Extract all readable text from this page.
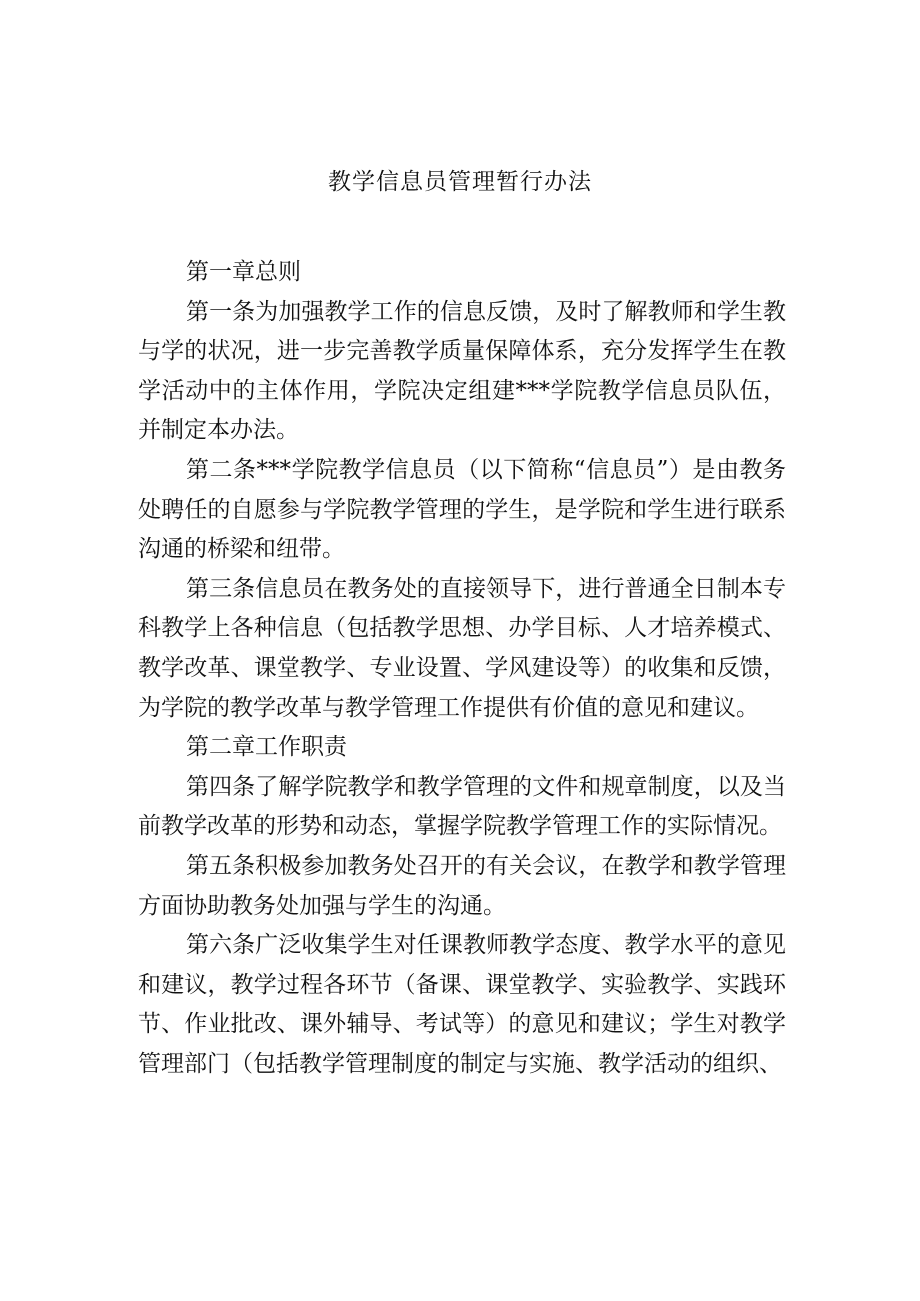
教学信息员管理暂行办法

第一章总则

第一条为加强教学工作的信息反馈，及时了解教师和学生教与学的状况，进一步完善教学质量保障体系，充分发挥学生在教学活动中的主体作用，学院决定组建***学院教学信息员队伍，并制定本办法。

第二条***学院教学信息员（以下简称“信息员”）是由教务处聘任的自愿参与学院教学管理的学生，是学院和学生进行联系沟通的桥梁和纽带。

第三条信息员在教务处的直接领导下，进行普通全日制本专科教学上各种信息（包括教学思想、办学目标、人才培养模式、教学改革、课堂教学、专业设置、学风建设等）的收集和反馈，为学院的教学改革与教学管理工作提供有价值的意见和建议。

第二章工作职责

第四条了解学院教学和教学管理的文件和规章制度，以及当前教学改革的形势和动态，掌握学院教学管理工作的实际情况。

第五条积极参加教务处召开的有关会议，在教学和教学管理方面协助教务处加强与学生的沟通。

第六条广泛收集学生对任课教师教学态度、教学水平的意见和建议，教学过程各环节（备课、课堂教学、实验教学、实践环节、作业批改、课外辅导、考试等）的意见和建议；学生对教学管理部门（包括教学管理制度的制定与实施、教学活动的组织、
